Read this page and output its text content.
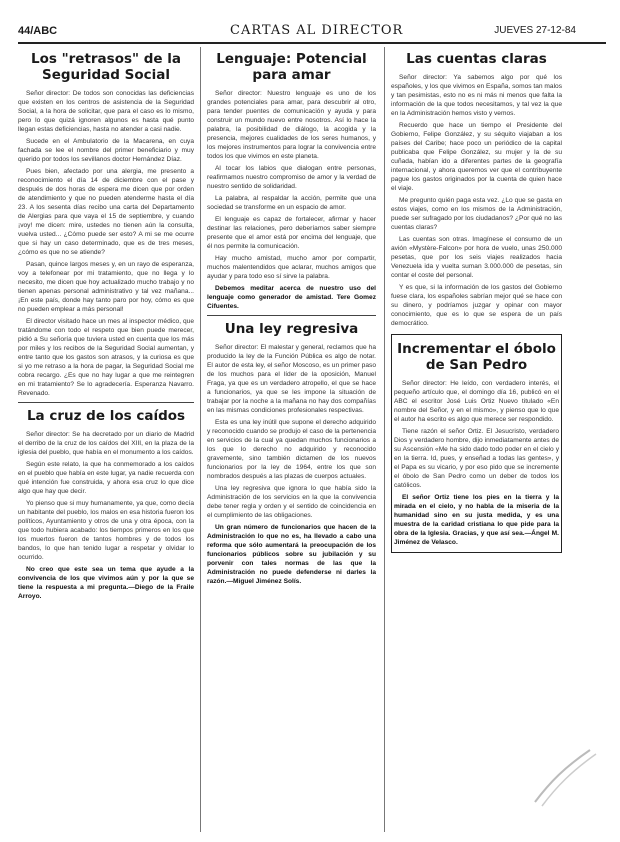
44/ABC	CARTAS AL DIRECTOR	JUEVES 27-12-84
Los "retrasos" de la Seguridad Social

Señor director: De todos son conocidas las deficiencias que existen en los centros de asistencia de la Seguridad Social, a la hora de solicitar, que para el caso es lo mismo, pero lo que quizá ignoren algunos es hasta qué punto llegan estas deficiencias, hasta no atender a casi nadie.

Sucede en el Ambulatorio de la Macarena, en cuya fachada se lee el nombre del primer beneficiario y muy querido por todos los sevillanos doctor Hernández Díaz.

Pues bien, afectado por una alergia, me presento a reconocimiento el día 14 de diciembre con el pase y después de dos horas de espera me dicen que por orden de atendimiento y que no pueden atenderme hasta el día 23. A los sesenta días recibo una carta del Departamento de Alergias para que vaya el 15 de septiembre, y cuando ¡voy! me dicen: mire, ustedes no tienen aún la consulta, vuelva usted... ¿Cómo puede ser esto? A mi se me ocurre que si hay un caso determinado, que es de tres meses, ¿cómo es que no se atiende?

Pasan, quince largos meses y, en un rayo de esperanza, voy a telefonear por mi tratamiento, que no llega y lo necesito, me dicen que hoy actualizado mucho trabajo y no tienen apenas personal administrativo y tal vez mañana... ¡En este país, donde hay tanto paro por hoy, cómo es que no pueden emplear a más personal!

El director visitado hace un mes al inspector médico, que tratándome con todo el respeto que bien puede merecer, pidió a Su señoría que tuviera usted en cuenta que los más por miles y los recibos de la Seguridad Social aumentan, y entre tanto que los gastos son atrasos, y la curiosa es que si yo me retraso a la hora de pagar, la Seguridad Social me cobra recargo. ¿Es que no hay lugar a que me reintegren en mi tratamiento? Se lo agradecería. Esperanza Navarro. Revenado.

La cruz de los caídos

Señor director: Se ha decretado por un diario de Madrid el derribo de la cruz de los caídos del XIII, en la plaza de la iglesia del pueblo, que había en el monumento a los caídos.

Según este relato, la que ha conmemorado a los caídos en el pueblo que había en este lugar, ya nadie recuerda con qué intención fue construida, y ahora esa cruz lo que dice algo que hay que decir.

Yo pienso que si muy humanamente, ya que, como decía un habitante del pueblo, los malos en esa historia fueron los políticos, Ayuntamiento y otros de una y otra época, con la que todo hubiera acabado: los tiempos primeros en los que los muertos fueron de tantos hombres y de todos los bandos, lo que han tenido lugar a respetar y olvidar lo ocurrido.

No creo que este sea un tema que ayude a la convivencia de los que vivimos aún y por la que se tiene la respuesta a mi pregunta.—Diego de la Fraile Arroyo.

Lenguaje: Potencial para amar

Señor director: Nuestro lenguaje es uno de los grandes potenciales para amar, para descubrir al otro, para tender puentes de comunicación y ayuda y para construir un mundo nuevo entre nosotros. Así lo hace la palabra, la posibilidad de diálogo, la acogida y la presencia, mejores cualidades de los seres humanos, y los mejores instrumentos para lograr la convivencia entre todos los que vivimos en este planeta.

Al tocar los labios que dialogan entre personas, reafirmamos nuestro compromiso de amor y la verdad de nuestro sentido de solidaridad.

La palabra, al respaldar la acción, permite que una sociedad se transforme en un espacio de amor.

El lenguaje es capaz de fortalecer, afirmar y hacer destinar las relaciones, pero deberíamos saber siempre presente que el amor está por encima del lenguaje, que él nos permite la comunicación.

Hay mucho amistad, mucho amor por compartir, muchos malentendidos que aclarar, muchos amigos que ayudar y para todo eso sí sirve la palabra.

Debemos meditar acerca de nuestro uso del lenguaje como generador de amistad. Tere Gomez Cifuentes.

Una ley regresiva

Señor director: El malestar y general, reclamos que ha producido la ley de la Función Pública es algo de notar. El autor de esta ley, el señor Moscoso, es un primer paso de los muchos para el líder de la oposición, Manuel Fraga, ya que es un verdadero atropello, el que se hace a funcionarios, ya que se les impone la situación de trabajar por la noche a la mañana no hay dos compañías en las mismas condiciones profesionales respectivas.

Esta es una ley inútil que supone el derecho adquirido y reconocido cuando se produjo el caso de la pertenencia en servicios de la cual ya quedan muchos funcionarios a los que lo derecho no adquirido y reconocido gravemente, sino también dictamen de los nuevos funcionarios por la ley de 1964, entre los que son nombrados después a las plazas de cuerpos actuales.

Una ley regresiva que ignora lo que había sido la Administración de los servicios en la que la convivencia debe tener regla y orden y el sentido de coincidencia en el cumplimiento de las obligaciones.

Un gran número de funcionarios que hacen de la Administración lo que no es, ha llevado a cabo una reforma que sólo aumentará la preocupación de los funcionarios públicos sobre su jubilación y su porvenir con tales normas de las que la Administración no puede defenderse ni darles la razón.—Miguel Jiménez Solís.

Las cuentas claras

Señor director: Ya sabemos algo por qué los españoles, y los que vivimos en España, somos tan malos y tan pesimistas, esto no es ni más ni menos que falta la información de la que todos necesitamos, y tal vez la que en la Administración hemos visto y vemos.

Recuerdo que hace un tiempo el Presidente del Gobierno, Felipe González, y su séquito viajaban a los países del Caribe; hace poco un periódico de la capital publicaba que Felipe González, su mujer y la de su cuñada, habían ido a diferentes partes de la geografía internacional, y ahora queremos ver que el contribuyente pague los gastos originados por la cuenta de quien hace el viaje.

Me pregunto quién paga esta vez. ¿Lo que se gasta en estos viajes, como en los mismos de la Administración, puede ser sufragado por los ciudadanos? ¿Por qué no las cuentas claras?

Las cuentas son otras. Imagínese el consumo de un avión «Mystère-Falcon» por hora de vuelo, unas 250.000 pesetas, que por los seis viajes realizados hacia Venezuela ida y vuelta suman 3.000.000 de pesetas, sin contar el coste del personal.

Y es que, si la información de los gastos del Gobierno fuese clara, los españoles sabrían mejor qué se hace con su dinero, y podríamos juzgar y opinar con mayor conocimiento, que es lo que se espera de un país democrático.

Incrementar el óbolo de San Pedro

Señor director: He leído, con verdadero interés, el pequeño artículo que, el domingo día 16, publicó en el ABC el escritor José Luis Ortiz Nuevo titulado «En nombre del Señor, y en el mismo», y pienso que lo que el autor ha escrito es algo que merece ser respondido.

Tiene razón el señor Ortiz. El Jesucristo, verdadero Dios y verdadero hombre, dijo inmediatamente antes de su Ascensión «Me ha sido dado todo poder en el cielo y en la tierra. Id, pues, y enseñad a todas las gentes», y el Papa es su vicario, y por eso pido que se incremente el óbolo de San Pedro como un deber de todos los católicos.

El señor Ortiz tiene los pies en la tierra y la mirada en el cielo, y no habla de la miseria de la humanidad sino en su justa medida, y es una muestra de la caridad cristiana lo que pide para la obra de la Iglesia. Gracias, y que así sea.—Ángel M. Jiménez de Velasco.
